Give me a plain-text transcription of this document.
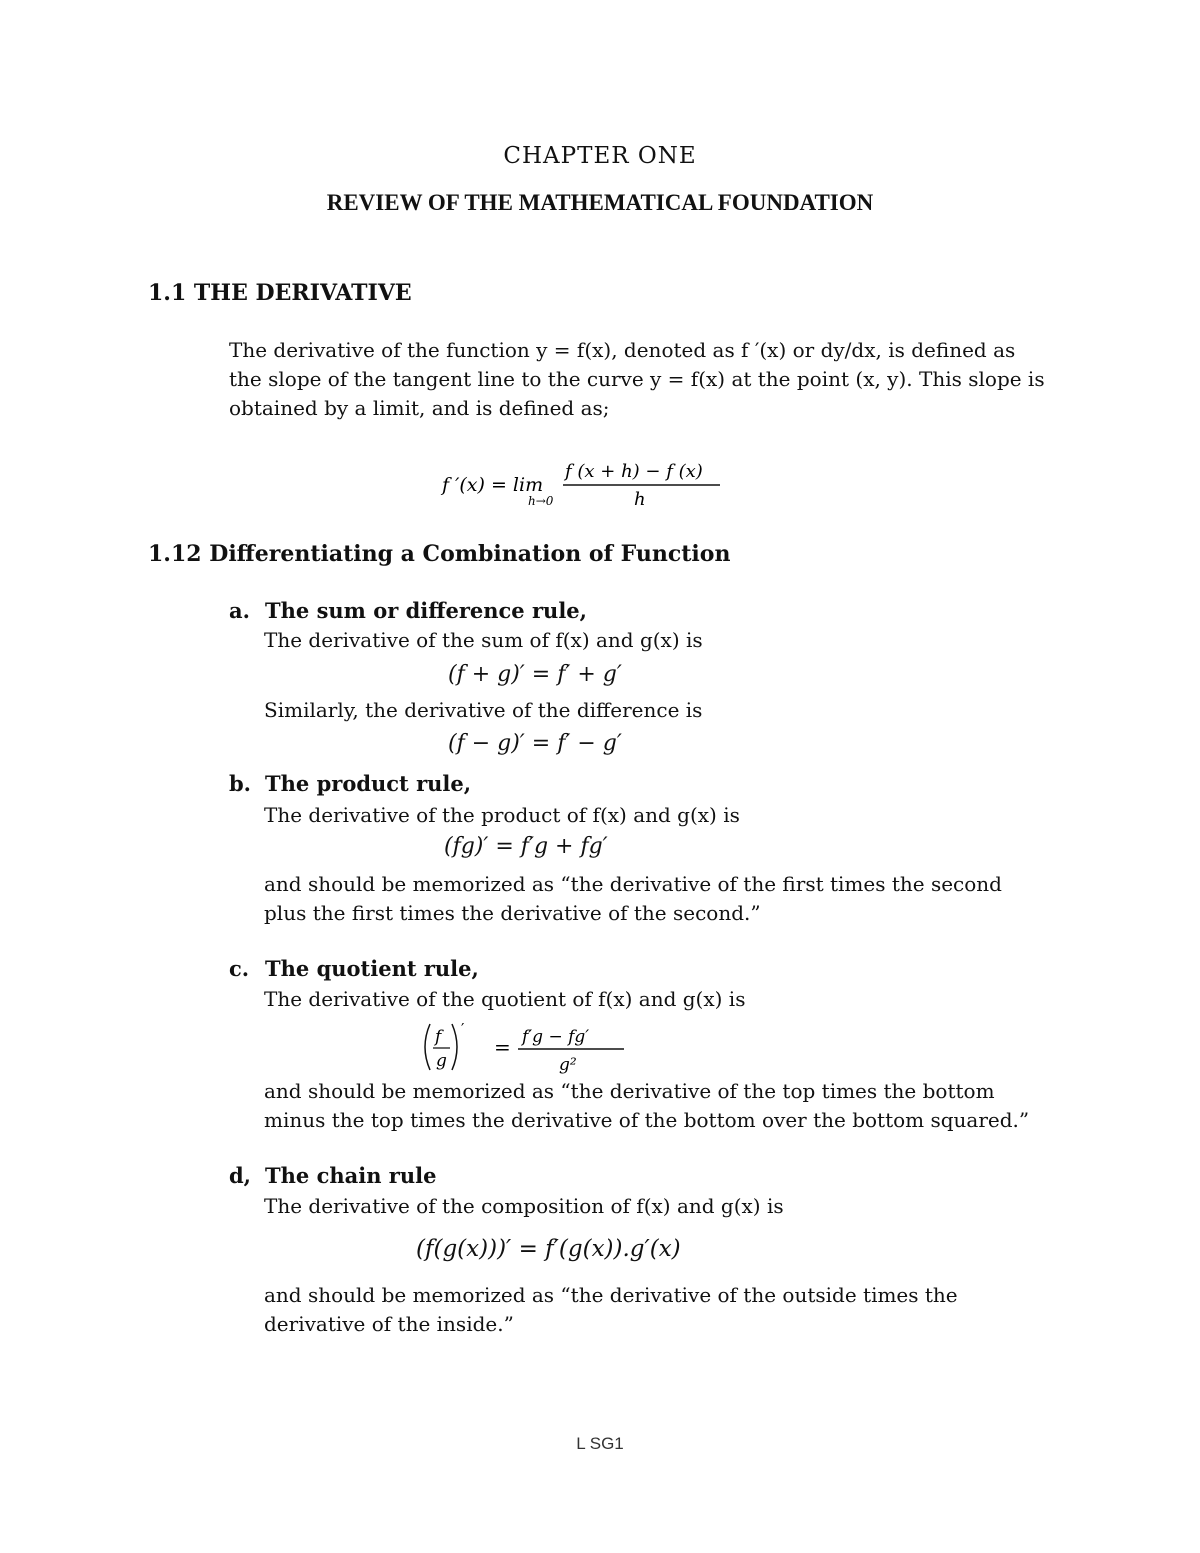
CHAPTER ONE
REVIEW OF THE MATHEMATICAL FOUNDATION
1.1 THE DERIVATIVE
The derivative of the function y = f(x), denoted as f ′(x) or dy/dx, is defined as
the slope of the tangent line to the curve y = f(x) at the point (x, y). This slope is
obtained by a limit, and is defined as;
f ′(x) = lim
h→0
f (x + h) − f (x)
h
1.12 Differentiating a Combination of Function
a. The sum or difference rule,
The derivative of the sum of f(x) and g(x) is
(f + g)′ = f′ + g′
Similarly, the derivative of the difference is
(f − g)′ = f′ − g′
b. The product rule,
The derivative of the product of f(x) and g(x) is
(fg)′ = f′g + fg′
and should be memorized as “the derivative of the first times the second
plus the first times the derivative of the second.”
c. The quotient rule,
The derivative of the quotient of f(x) and g(x) is
f
g
′
= f′g − fg′
g²
and should be memorized as “the derivative of the top times the bottom
minus the top times the derivative of the bottom over the bottom squared.”
d, The chain rule
The derivative of the composition of f(x) and g(x) is
(f(g(x)))′ = f′(g(x)).g′(x)
and should be memorized as “the derivative of the outside times the
derivative of the inside.”
L SG1
